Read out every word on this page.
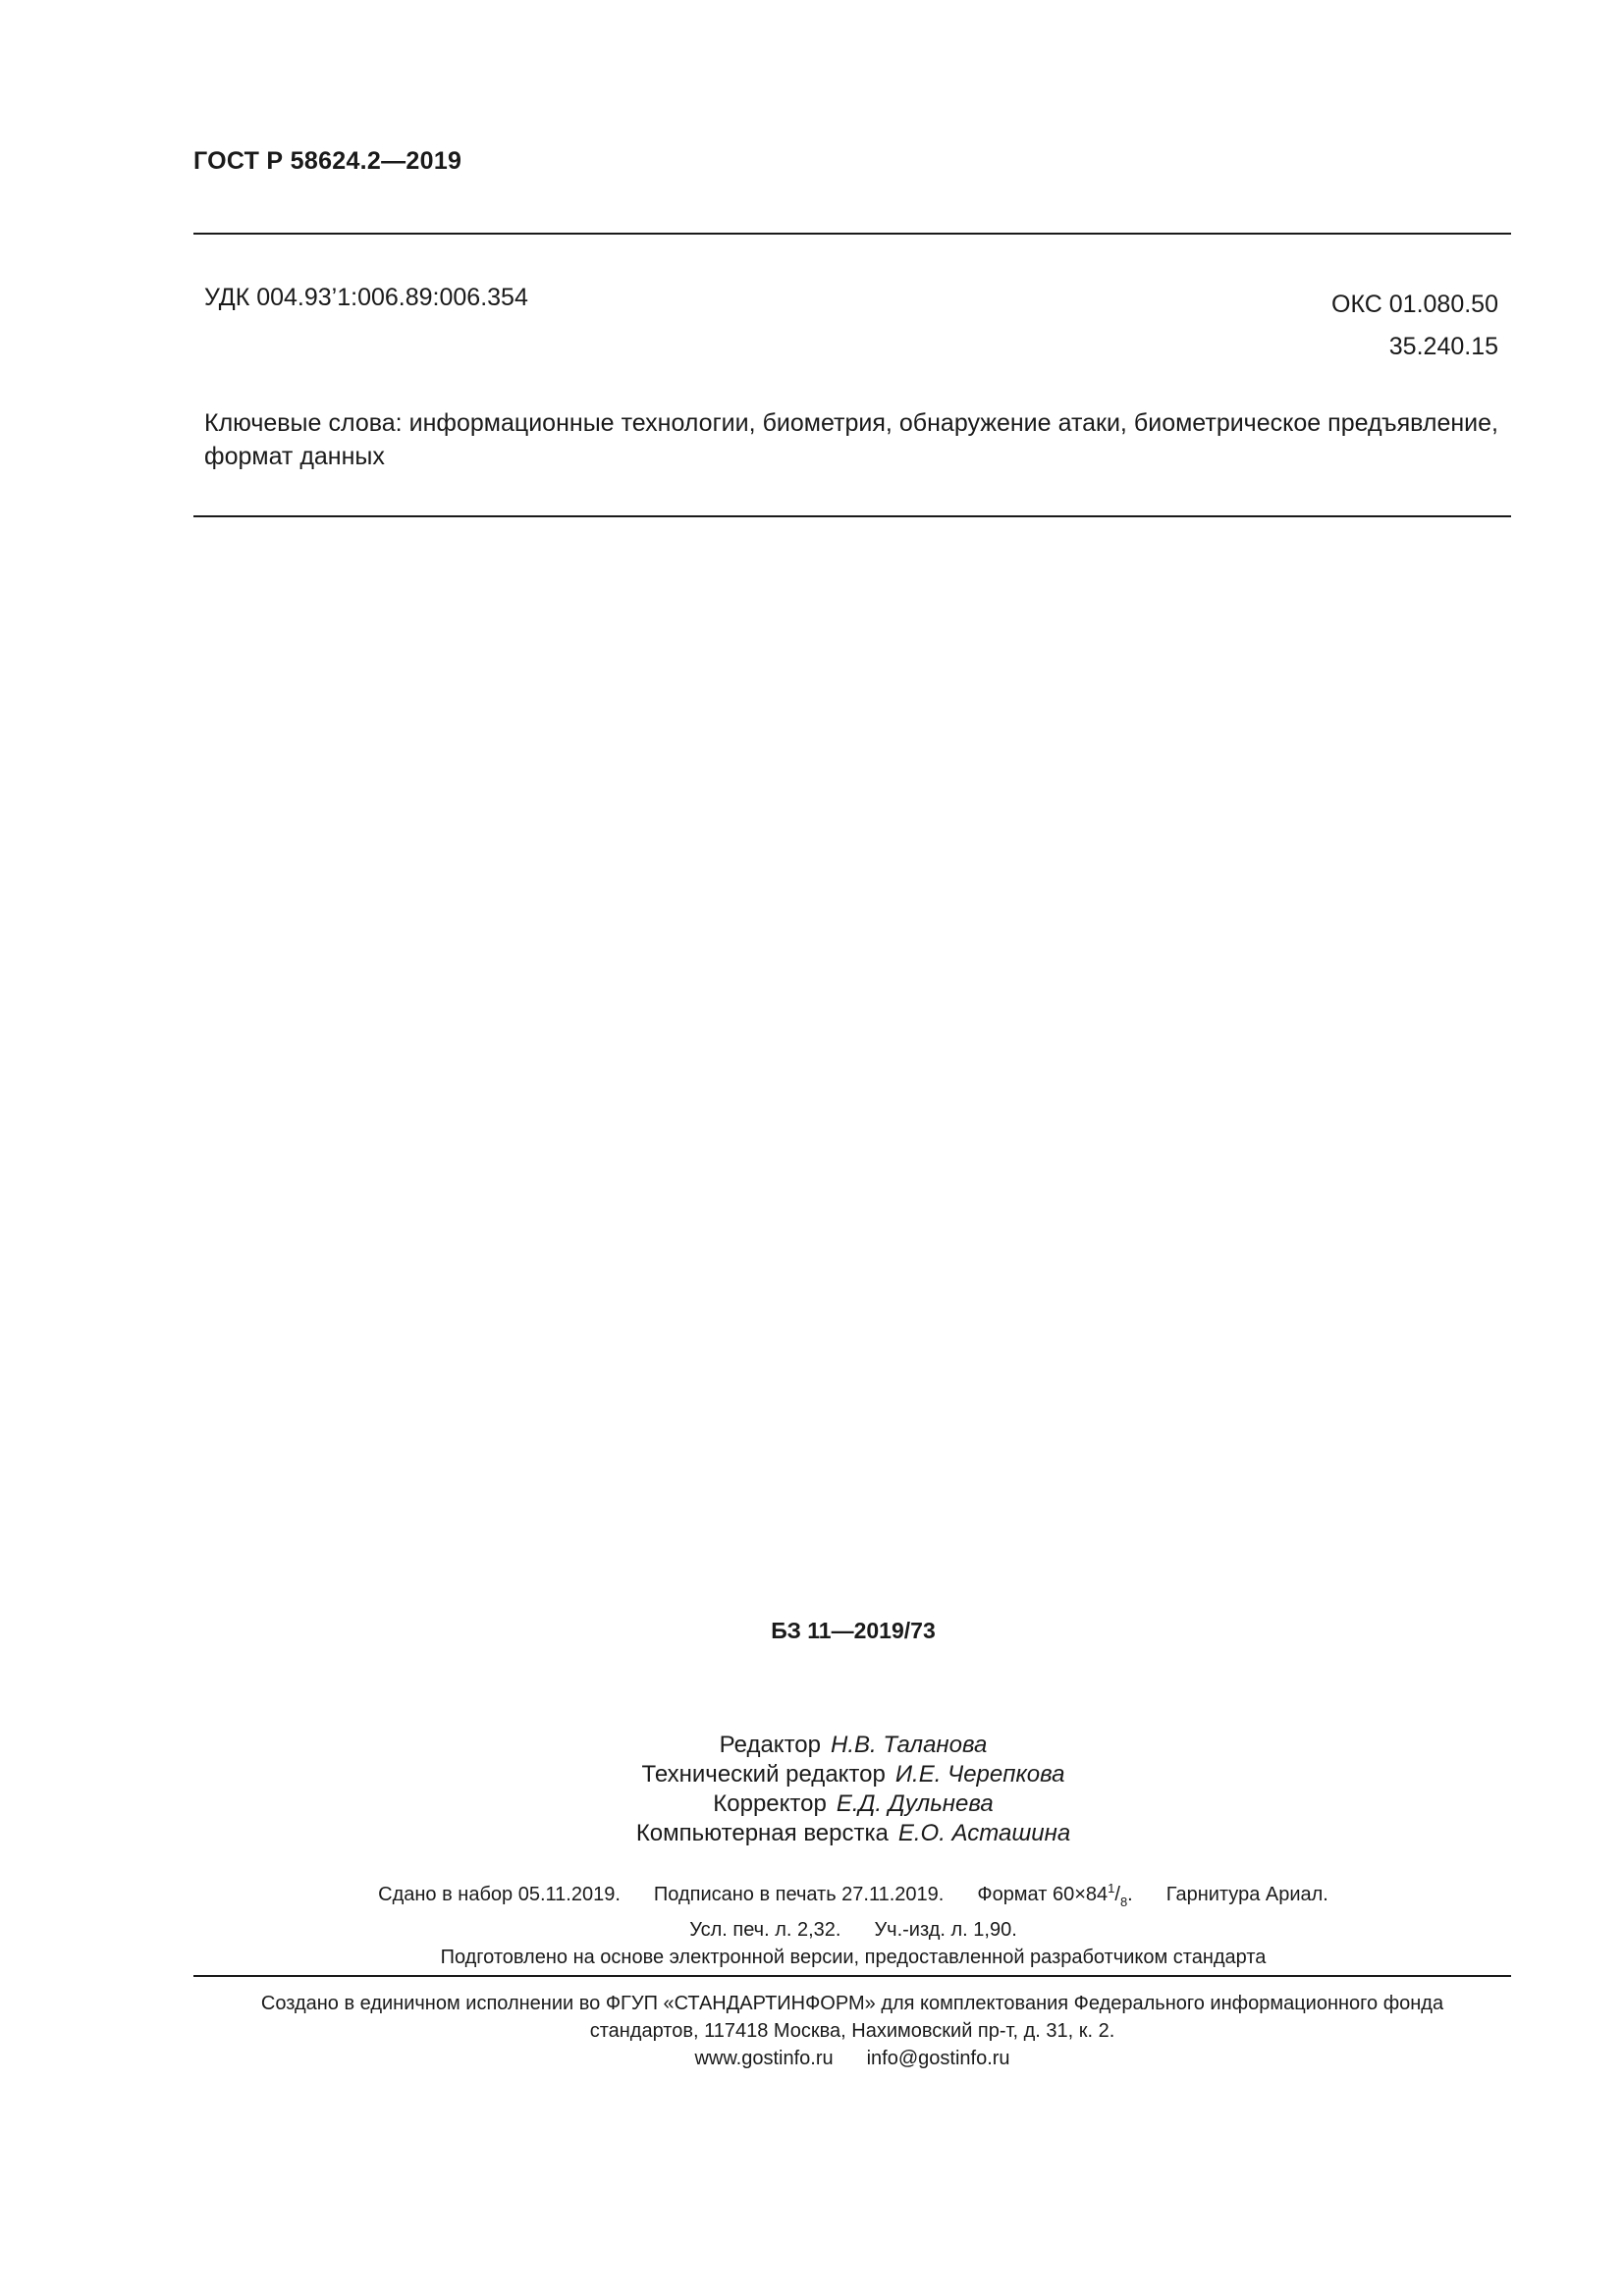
ГОСТ Р 58624.2—2019
УДК 004.93’1:006.89:006.354	ОКС 01.080.50
35.240.15
Ключевые слова: информационные технологии, биометрия, обнаружение атаки, биометрическое предъявление, формат данных
БЗ 11—2019/73
Редактор Н.В. Таланова
Технический редактор И.Е. Черепкова
Корректор Е.Д. Дульнева
Компьютерная верстка Е.О. Асташина
Сдано в набор 05.11.2019. Подписано в печать 27.11.2019. Формат $60\times 84^1/_8$. Гарнитура Ариал.
Усл. печ. л. 2,32. Уч.-изд. л. 1,90.
Подготовлено на основе электронной версии, предоставленной разработчиком стандарта
Создано в единичном исполнении во ФГУП «СТАНДАРТИНФОРМ» для комплектования Федерального информационного фонда
стандартов, 117418 Москва, Нахимовский пр-т, д. 31, к. 2.
www.gostinfo.ru info@gostinfo.ru
